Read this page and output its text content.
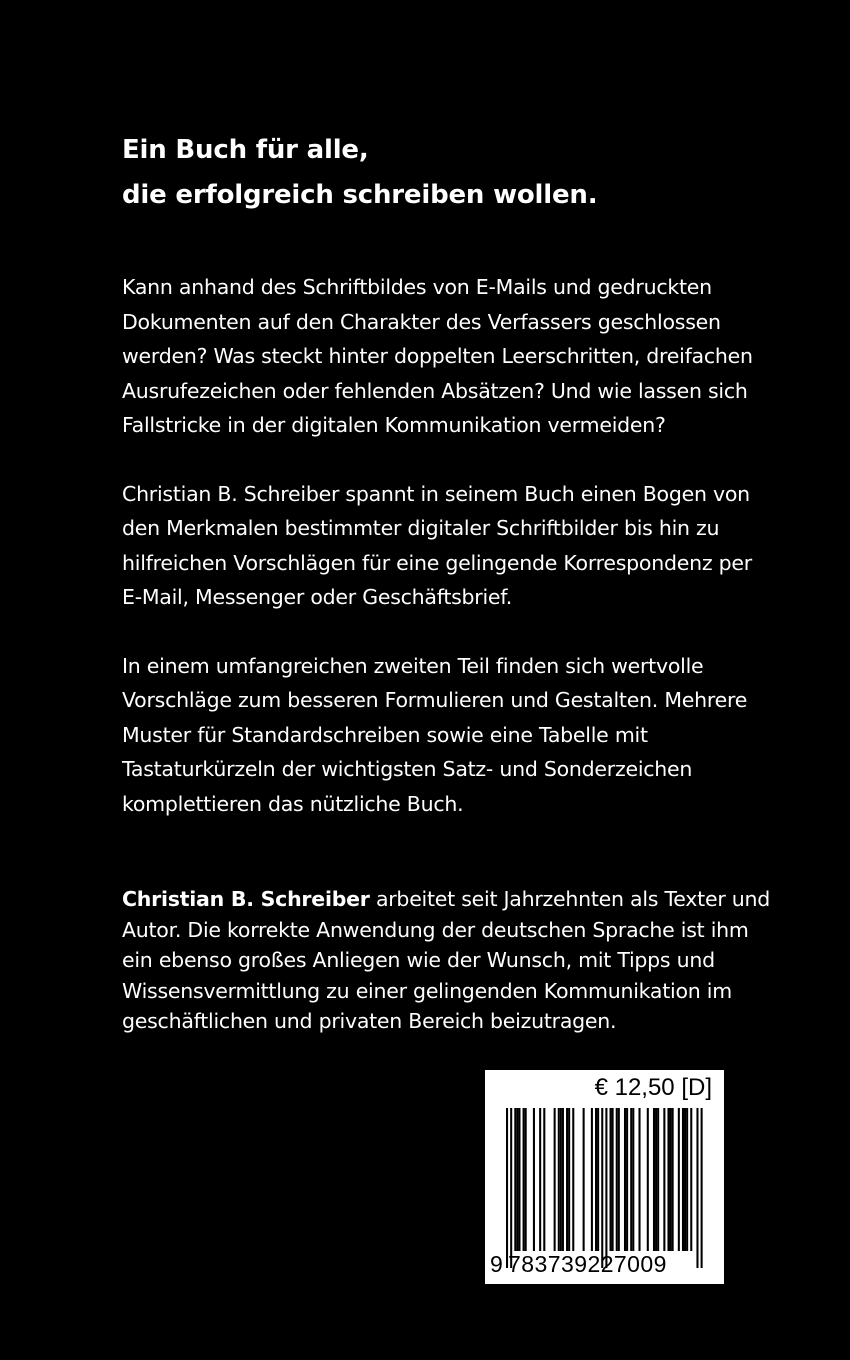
Ein Buch für alle,
die erfolgreich schreiben wollen.

Kann anhand des Schriftbildes von E-Mails und gedruckten
Dokumenten auf den Charakter des Verfassers geschlossen
werden? Was steckt hinter doppelten Leerschritten, dreifachen
Ausrufezeichen oder fehlenden Absätzen? Und wie lassen sich
Fallstricke in der digitalen Kommunikation vermeiden?

Christian B. Schreiber spannt in seinem Buch einen Bogen von
den Merkmalen bestimmter digitaler Schriftbilder bis hin zu
hilfreichen Vorschlägen für eine gelingende Korrespondenz per
E-Mail, Messenger oder Geschäftsbrief.

In einem umfangreichen zweiten Teil finden sich wertvolle
Vorschläge zum besseren Formulieren und Gestalten. Mehrere
Muster für Standardschreiben sowie eine Tabelle mit
Tastaturkürzeln der wichtigsten Satz- und Sonderzeichen
komplettieren das nützliche Buch.

Christian B. Schreiber arbeitet seit Jahrzehnten als Texter und
Autor. Die korrekte Anwendung der deutschen Sprache ist ihm
ein ebenso großes Anliegen wie der Wunsch, mit Tipps und
Wissensvermittlung zu einer gelingenden Kommunikation im
geschäftlichen und privaten Bereich beizutragen.
€ 12,50 [D]
9 783739227009
